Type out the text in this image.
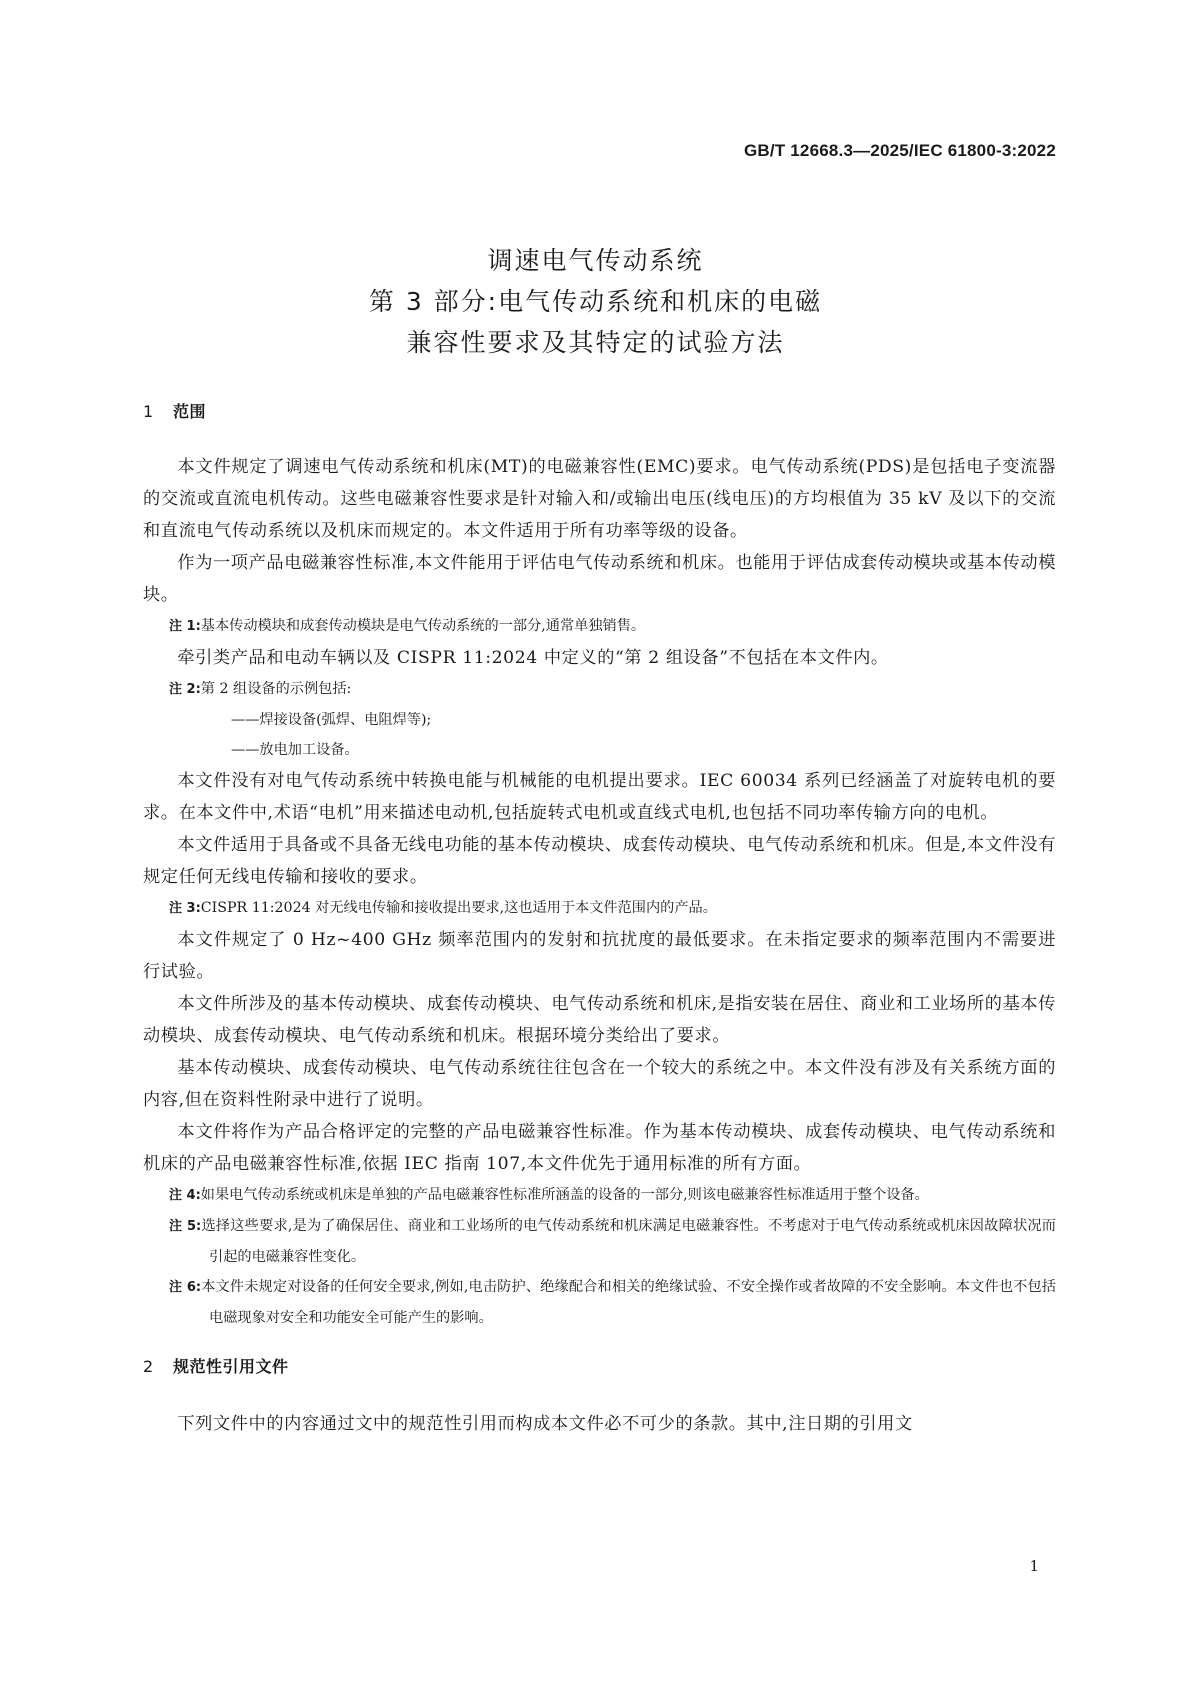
GB/T 12668.3—2025/IEC 61800-3:2022
调速电气传动系统
第 3 部分:电气传动系统和机床的电磁
兼容性要求及其特定的试验方法
1 范围

本文件规定了调速电气传动系统和机床(MT)的电磁兼容性(EMC)要求。电气传动系统(PDS)是包括电子变流器的交流或直流电机传动。这些电磁兼容性要求是针对输入和/或输出电压(线电压)的方均根值为 35 kV 及以下的交流和直流电气传动系统以及机床而规定的。本文件适用于所有功率等级的设备。

作为一项产品电磁兼容性标准,本文件能用于评估电气传动系统和机床。也能用于评估成套传动模块或基本传动模块。

注 1:基本传动模块和成套传动模块是电气传动系统的一部分,通常单独销售。

牵引类产品和电动车辆以及 CISPR 11:2024 中定义的“第 2 组设备”不包括在本文件内。

注 2:第 2 组设备的示例包括:

——焊接设备(弧焊、电阻焊等);

——放电加工设备。

本文件没有对电气传动系统中转换电能与机械能的电机提出要求。IEC 60034 系列已经涵盖了对旋转电机的要求。在本文件中,术语“电机”用来描述电动机,包括旋转式电机或直线式电机,也包括不同功率传输方向的电机。

本文件适用于具备或不具备无线电功能的基本传动模块、成套传动模块、电气传动系统和机床。但是,本文件没有规定任何无线电传输和接收的要求。

注 3:CISPR 11:2024 对无线电传输和接收提出要求,这也适用于本文件范围内的产品。

本文件规定了 0 Hz~400 GHz 频率范围内的发射和抗扰度的最低要求。在未指定要求的频率范围内不需要进行试验。

本文件所涉及的基本传动模块、成套传动模块、电气传动系统和机床,是指安装在居住、商业和工业场所的基本传动模块、成套传动模块、电气传动系统和机床。根据环境分类给出了要求。

基本传动模块、成套传动模块、电气传动系统往往包含在一个较大的系统之中。本文件没有涉及有关系统方面的内容,但在资料性附录中进行了说明。

本文件将作为产品合格评定的完整的产品电磁兼容性标准。作为基本传动模块、成套传动模块、电气传动系统和机床的产品电磁兼容性标准,依据 IEC 指南 107,本文件优先于通用标准的所有方面。

注 4:如果电气传动系统或机床是单独的产品电磁兼容性标准所涵盖的设备的一部分,则该电磁兼容性标准适用于整个设备。

注 5:选择这些要求,是为了确保居住、商业和工业场所的电气传动系统和机床满足电磁兼容性。不考虑对于电气传动系统或机床因故障状况而引起的电磁兼容性变化。

注 6:本文件未规定对设备的任何安全要求,例如,电击防护、绝缘配合和相关的绝缘试验、不安全操作或者故障的不安全影响。本文件也不包括电磁现象对安全和功能安全可能产生的影响。

2 规范性引用文件

下列文件中的内容通过文中的规范性引用而构成本文件必不可少的条款。其中,注日期的引用文

1
